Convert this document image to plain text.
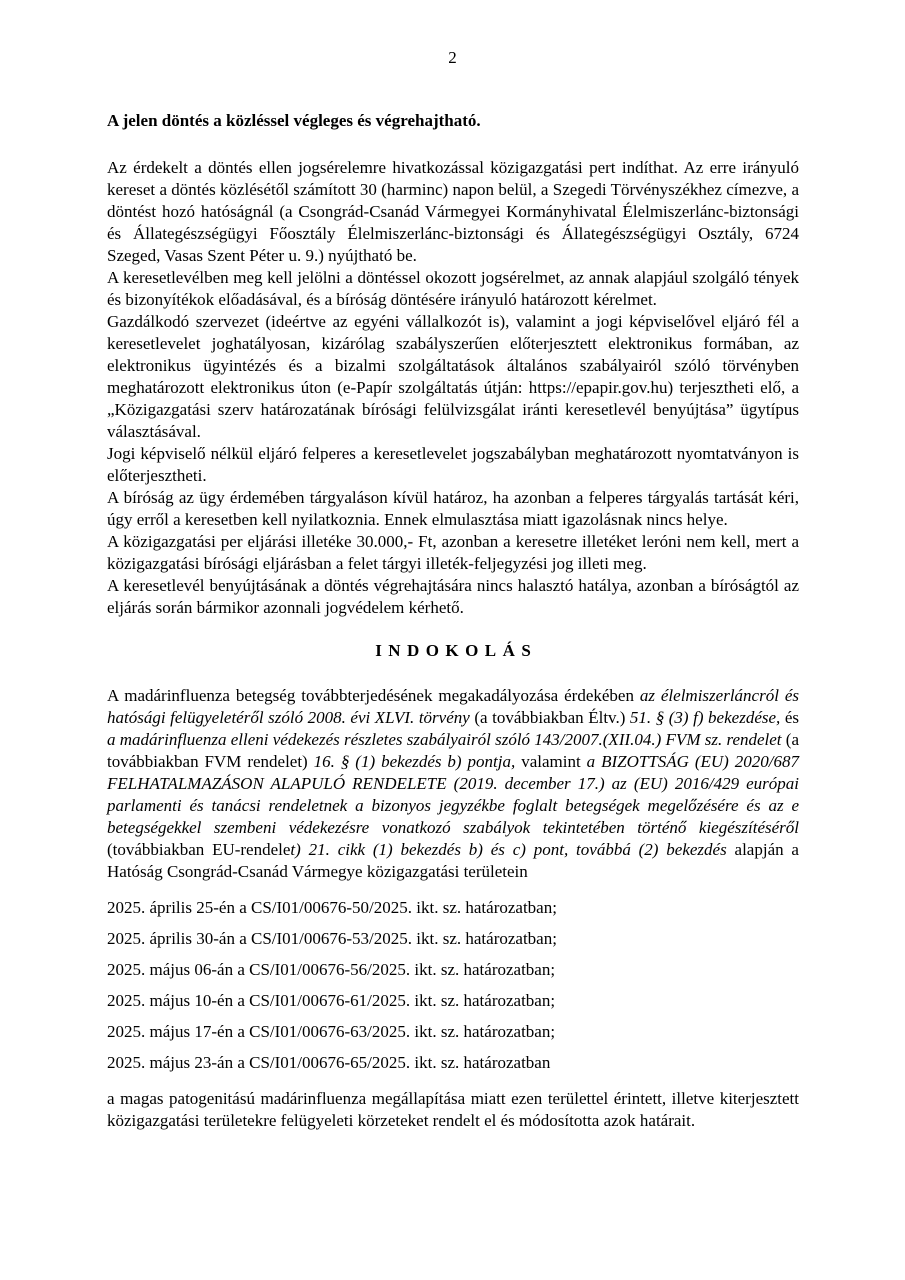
2
A jelen döntés a közléssel végleges és végrehajtható.

Az érdekelt a döntés ellen jogsérelemre hivatkozással közigazgatási pert indíthat. Az erre irányuló kereset a döntés közlésétől számított 30 (harminc) napon belül, a Szegedi Törvényszékhez címezve, a döntést hozó hatóságnál (a Csongrád-Csanád Vármegyei Kormányhivatal Élelmiszerlánc-biztonsági és Állategészségügyi Főosztály Élelmiszerlánc-biztonsági és Állategészségügyi Osztály, 6724 Szeged, Vasas Szent Péter u. 9.) nyújtható be.

A keresetlevélben meg kell jelölni a döntéssel okozott jogsérelmet, az annak alapjául szolgáló tények és bizonyítékok előadásával, és a bíróság döntésére irányuló határozott kérelmet.

Gazdálkodó szervezet (ideértve az egyéni vállalkozót is), valamint a jogi képviselővel eljáró fél a keresetlevelet joghatályosan, kizárólag szabályszerűen előterjesztett elektronikus formában, az elektronikus ügyintézés és a bizalmi szolgáltatások általános szabályairól szóló törvényben meghatározott elektronikus úton (e-Papír szolgáltatás útján: https://epapir.gov.hu) terjesztheti elő, a „Közigazgatási szerv határozatának bírósági felülvizsgálat iránti keresetlevél benyújtása” ügytípus választásával.

Jogi képviselő nélkül eljáró felperes a keresetlevelet jogszabályban meghatározott nyomtatványon is előterjesztheti.

A bíróság az ügy érdemében tárgyaláson kívül határoz, ha azonban a felperes tárgyalás tartását kéri, úgy erről a keresetben kell nyilatkoznia. Ennek elmulasztása miatt igazolásnak nincs helye.

A közigazgatási per eljárási illetéke 30.000,- Ft, azonban a keresetre illetéket leróni nem kell, mert a közigazgatási bírósági eljárásban a felet tárgyi illeték-feljegyzési jog illeti meg.

A keresetlevél benyújtásának a döntés végrehajtására nincs halasztó hatálya, azonban a bíróságtól az eljárás során bármikor azonnali jogvédelem kérhető.

INDOKOLÁS

A madárinfluenza betegség továbbterjedésének megakadályozása érdekében az élelmiszerláncról és hatósági felügyeletéről szóló 2008. évi XLVI. törvény (a továbbiakban Éltv.) 51. § (3) f) bekezdése, és a madárinfluenza elleni védekezés részletes szabályairól szóló 143/2007.(XII.04.) FVM sz. rendelet (a továbbiakban FVM rendelet) 16. § (1) bekezdés b) pontja, valamint a BIZOTTSÁG (EU) 2020/687 FELHATALMAZÁSON ALAPULÓ RENDELETE (2019. december 17.) az (EU) 2016/429 európai parlamenti és tanácsi rendeletnek a bizonyos jegyzékbe foglalt betegségek megelőzésére és az e betegségekkel szembeni védekezésre vonatkozó szabályok tekintetében történő kiegészítéséről (továbbiakban EU-rendelet) 21. cikk (1) bekezdés b) és c) pont, továbbá (2) bekezdés alapján a Hatóság Csongrád-Csanád Vármegye közigazgatási területein

2025. április 25-én a CS/I01/00676-50/2025. ikt. sz. határozatban;

2025. április 30-án a CS/I01/00676-53/2025. ikt. sz. határozatban;

2025. május 06-án a CS/I01/00676-56/2025. ikt. sz. határozatban;

2025. május 10-én a CS/I01/00676-61/2025. ikt. sz. határozatban;

2025. május 17-én a CS/I01/00676-63/2025. ikt. sz. határozatban;

2025. május 23-án a CS/I01/00676-65/2025. ikt. sz. határozatban

a magas patogenitású madárinfluenza megállapítása miatt ezen területtel érintett, illetve kiterjesztett közigazgatási területekre felügyeleti körzeteket rendelt el és módosította azok határait.
